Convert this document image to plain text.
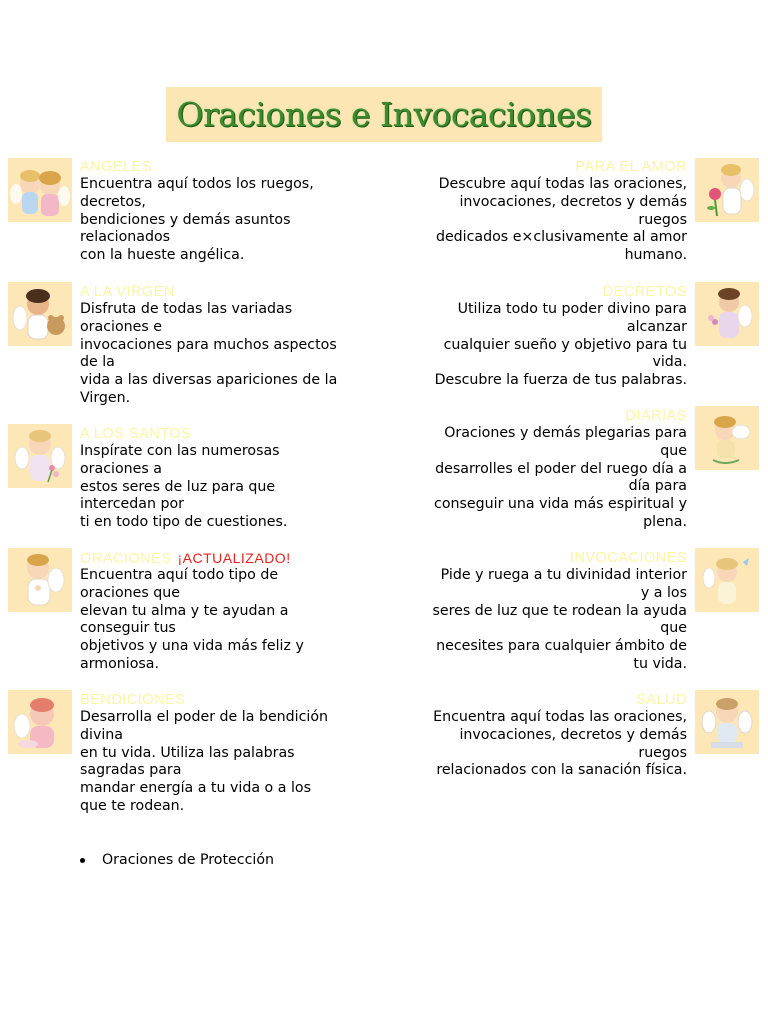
Oraciones e Invocaciones
ANGELES
Encuentra aquí todos los ruegos,
decretos,
bendiciones y demás asuntos
relacionados
con la hueste angélica.
A LA VIRGEN
Disfruta de todas las variadas
oraciones e
invocaciones para muchos aspectos
de la
vida a las diversas apariciones de la
Virgen.
A LOS SANTOS
Inspírate con las numerosas
oraciones a
estos seres de luz para que
intercedan por
ti en todo tipo de cuestiones.
ORACIONES ¡ACTUALIZADO!
Encuentra aquí todo tipo de
oraciones que
elevan tu alma y te ayudan a
conseguir tus
objetivos y una vida más feliz y
armoniosa.
BENDICIONES
Desarrolla el poder de la bendición
divina
en tu vida. Utiliza las palabras
sagradas para
mandar energía a tu vida o a los
que te rodean.
PARA EL AMOR
Descubre aquí todas las oraciones,
invocaciones, decretos y demás
ruegos
dedicados e×clusivamente al amor
humano.
DECRETOS
Utiliza todo tu poder divino para
alcanzar
cualquier sueño y objetivo para tu
vida.
Descubre la fuerza de tus palabras.
DIARIAS
Oraciones y demás plegarias para
que
desarrolles el poder del ruego día a
día para
conseguir una vida más espiritual y
plena.
INVOCACIONES
Pide y ruega a tu divinidad interior
y a los
seres de luz que te rodean la ayuda
que
necesites para cualquier ámbito de
tu vida.
SALUD
Encuentra aquí todas las oraciones,
invocaciones, decretos y demás
ruegos
relacionados con la sanación física.
Oraciones de Protección
